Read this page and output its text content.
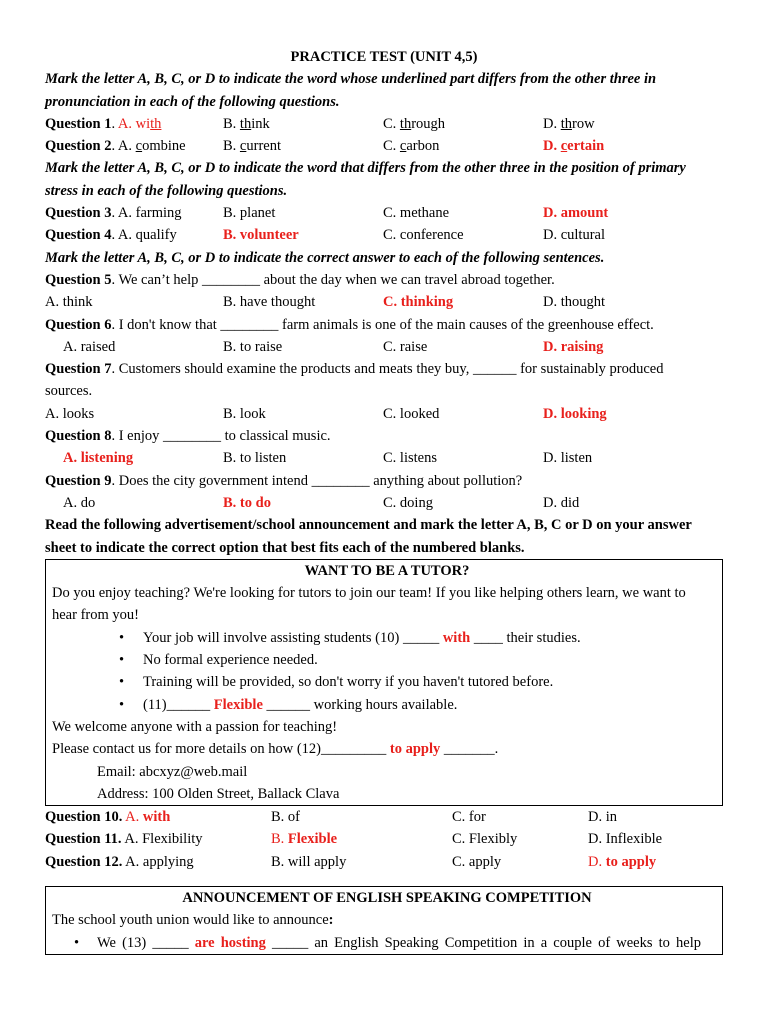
PRACTICE TEST (UNIT 4,5)
Mark the letter A, B, C, or D to indicate the word whose underlined part differs from the other three in
pronunciation in each of the following questions.
Question 1. A. with	B. think	C. through	D. throw
Question 2. A. combine	B. current	C. carbon	D. certain
Mark the letter A, B, C, or D to indicate the word that differs from the other three in the position of primary
stress in each of the following questions.
Question 3. A. farming	B. planet	C. methane	D. amount
Question 4. A. qualify	B. volunteer	C. conference	D. cultural
Mark the letter A, B, C, or D to indicate the correct answer to each of the following sentences.
Question 5. We can’t help ________ about the day when we can travel abroad together.
A. think	B. have thought	C. thinking	D. thought
Question 6. I don't know that ________ farm animals is one of the main causes of the greenhouse effect.
A. raised	B. to raise	C. raise	D. raising
Question 7. Customers should examine the products and meats they buy, ______ for sustainably produced
sources.
A. looks	B. look	C. looked	D. looking
Question 8. I enjoy ________ to classical music.
A. listening	B. to listen	C. listens	D. listen
Question 9. Does the city government intend ________ anything about pollution?
A. do	B. to do	C. doing	D. did
Read the following advertisement/school announcement and mark the letter A, B, C or D on your answer
sheet to indicate the correct option that best fits each of the numbered blanks.
WANT TO BE A TUTOR?
Do you enjoy teaching? We're looking for tutors to join our team! If you like helping others learn, we want to
hear from you!
• Your job will involve assisting students (10) _____ with ____ their studies.
• No formal experience needed.
• Training will be provided, so don't worry if you haven't tutored before.
• (11)______ Flexible ______ working hours available.
We welcome anyone with a passion for teaching!
Please contact us for more details on how (12)_________ to apply _______.
Email: abcxyz@web.mail
Address: 100 Olden Street, Ballack Clava
Question 10. A. with	B. of	C. for	D. in
Question 11. A. Flexibility	B. Flexible	C. Flexibly	D. Inflexible
Question 12. A. applying	B. will apply	C. apply	D. to apply
ANNOUNCEMENT OF ENGLISH SPEAKING COMPETITION
The school youth union would like to announce:
• We (13) _____ are hosting _____ an English Speaking Competition in a couple of weeks to help
